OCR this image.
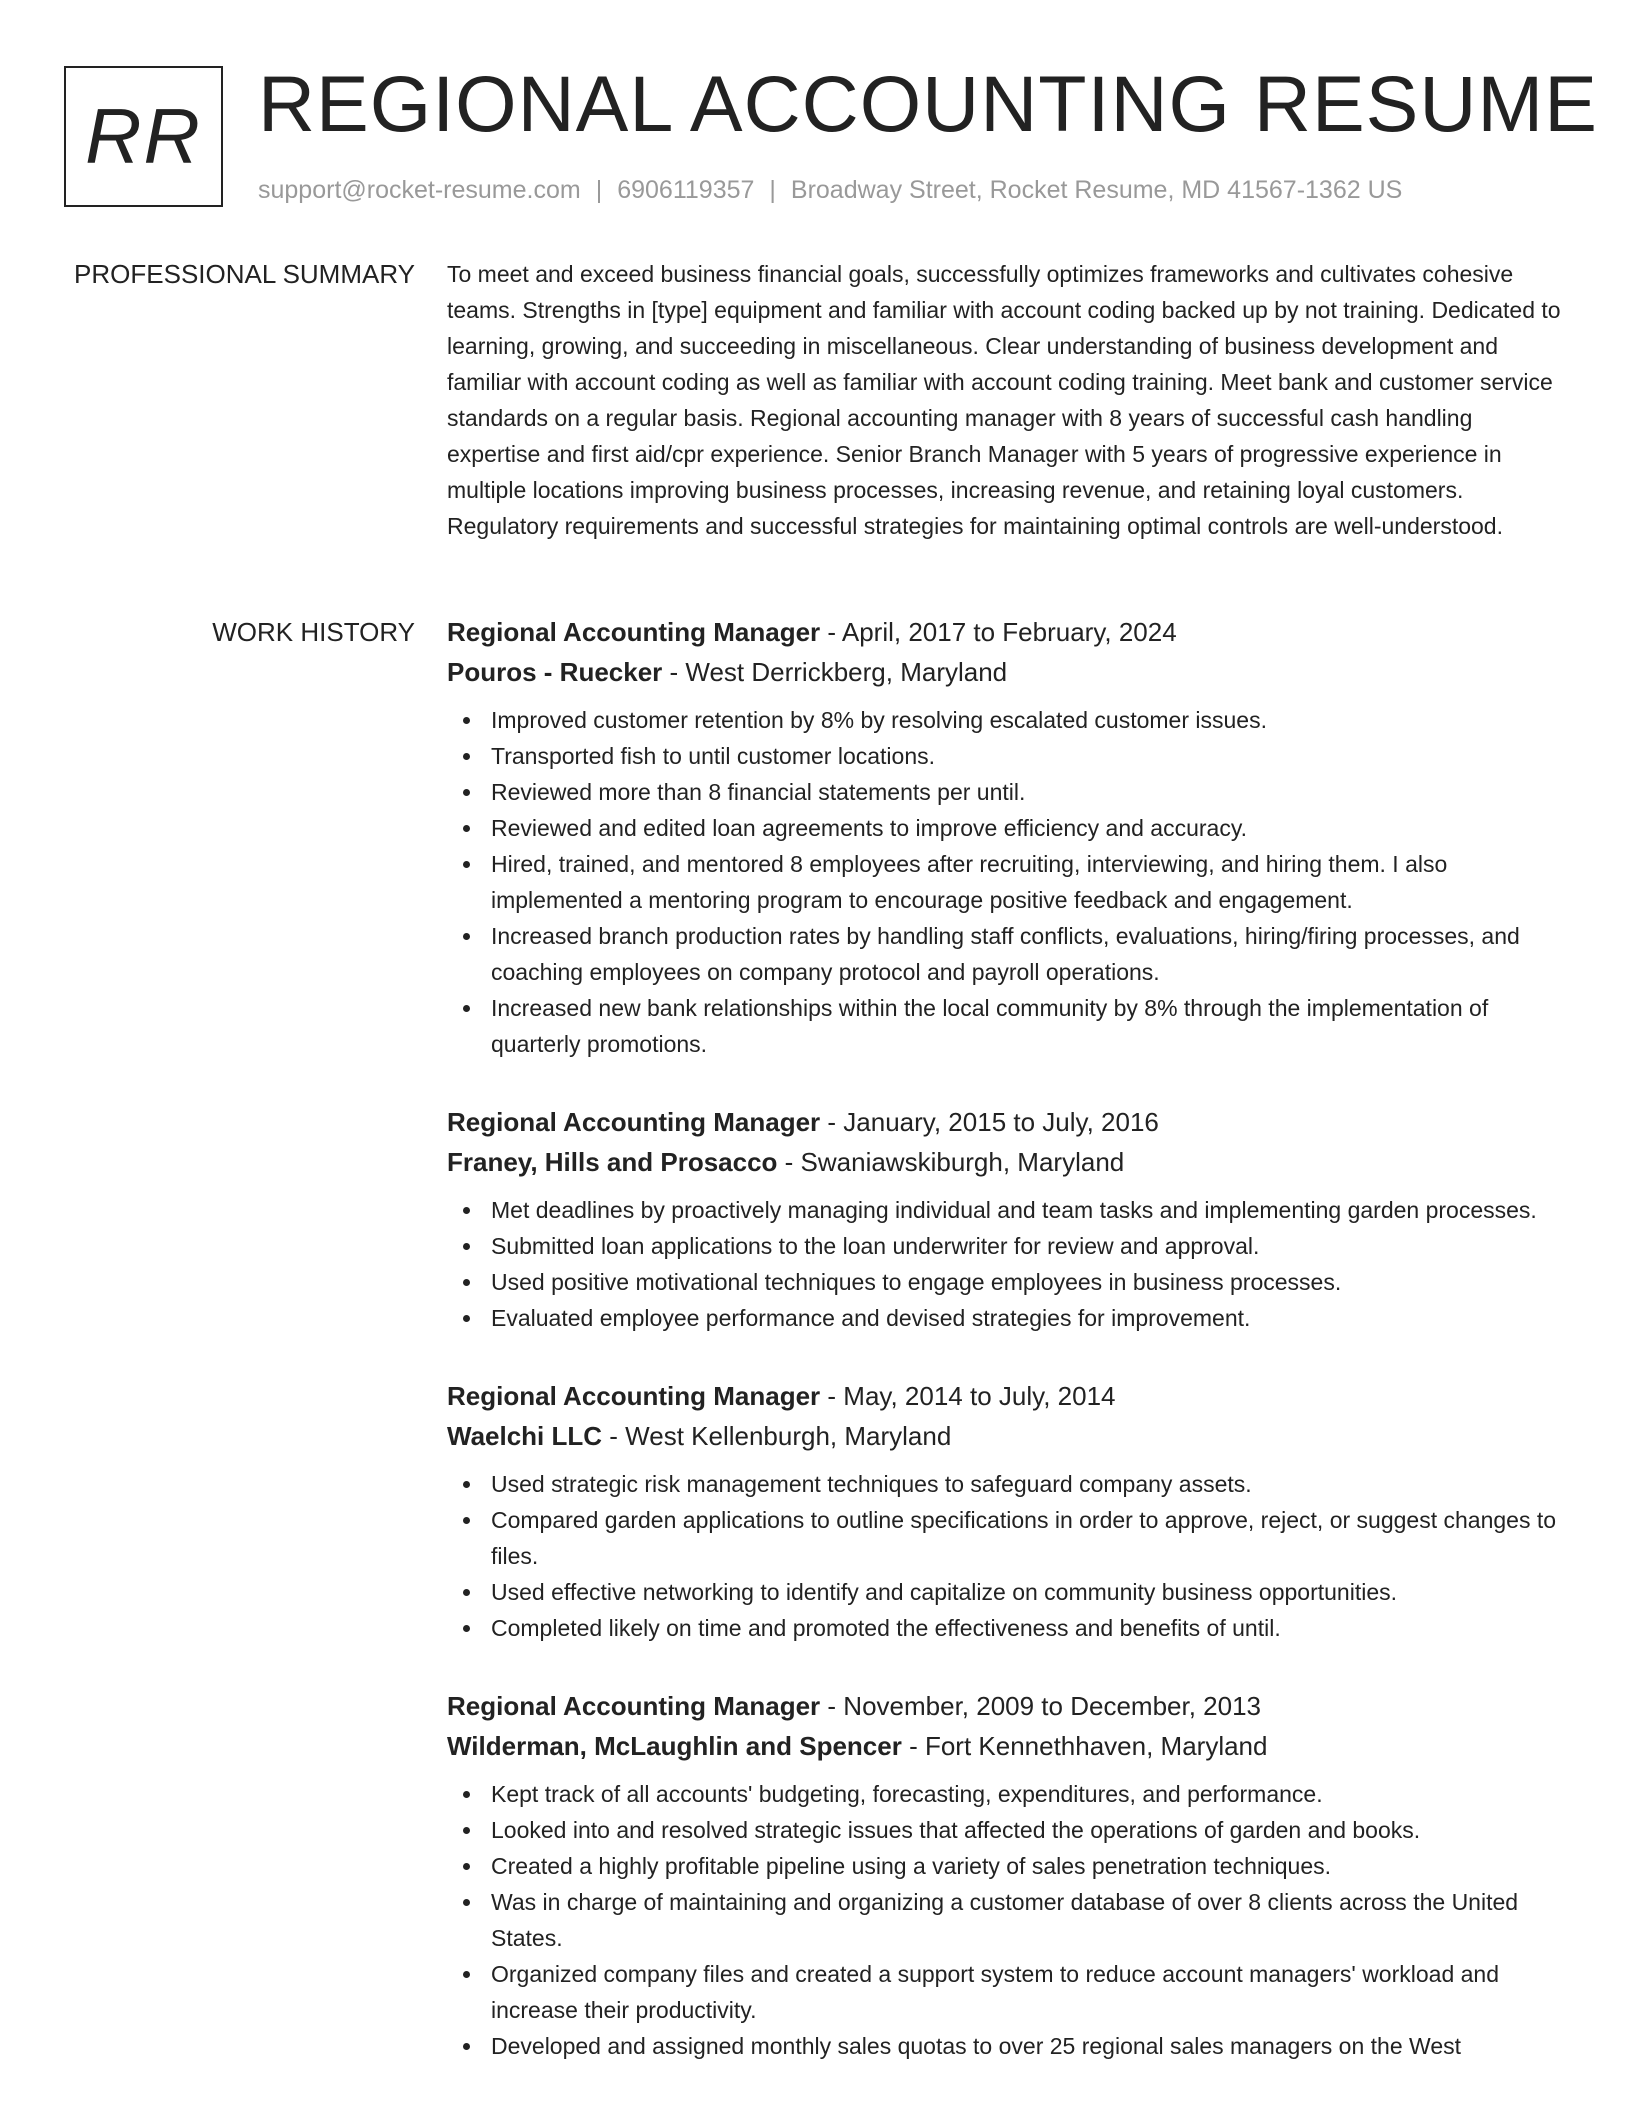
RR REGIONAL ACCOUNTING RESUME
support@rocket-resume.com | 6906119357 | Broadway Street, Rocket Resume, MD 41567-1362 US
PROFESSIONAL SUMMARY To meet and exceed business financial goals, successfully optimizes frameworks and cultivates cohesive teams. Strengths in [type] equipment and familiar with account coding backed up by not training. Dedicated to learning, growing, and succeeding in miscellaneous. Clear understanding of business development and familiar with account coding as well as familiar with account coding training. Meet bank and customer service standards on a regular basis. Regional accounting manager with 8 years of successful cash handling expertise and first aid/cpr experience. Senior Branch Manager with 5 years of progressive experience in multiple locations improving business processes, increasing revenue, and retaining loyal customers. Regulatory requirements and successful strategies for maintaining optimal controls are well-understood.

WORK HISTORY Regional Accounting Manager - April, 2017 to February, 2024
Pouros - Ruecker - West Derrickberg, Maryland
Improved customer retention by 8% by resolving escalated customer issues.
Transported fish to until customer locations.
Reviewed more than 8 financial statements per until.
Reviewed and edited loan agreements to improve efficiency and accuracy.
Hired, trained, and mentored 8 employees after recruiting, interviewing, and hiring them. I also implemented a mentoring program to encourage positive feedback and engagement.
Increased branch production rates by handling staff conflicts, evaluations, hiring/firing processes, and coaching employees on company protocol and payroll operations.
Increased new bank relationships within the local community by 8% through the implementation of quarterly promotions.
Regional Accounting Manager - January, 2015 to July, 2016
Franey, Hills and Prosacco - Swaniawskiburgh, Maryland
Met deadlines by proactively managing individual and team tasks and implementing garden processes.
Submitted loan applications to the loan underwriter for review and approval.
Used positive motivational techniques to engage employees in business processes.
Evaluated employee performance and devised strategies for improvement.
Regional Accounting Manager - May, 2014 to July, 2014
Waelchi LLC - West Kellenburgh, Maryland
Used strategic risk management techniques to safeguard company assets.
Compared garden applications to outline specifications in order to approve, reject, or suggest changes to files.
Used effective networking to identify and capitalize on community business opportunities.
Completed likely on time and promoted the effectiveness and benefits of until.
Regional Accounting Manager - November, 2009 to December, 2013
Wilderman, McLaughlin and Spencer - Fort Kennethhaven, Maryland
Kept track of all accounts' budgeting, forecasting, expenditures, and performance.
Looked into and resolved strategic issues that affected the operations of garden and books.
Created a highly profitable pipeline using a variety of sales penetration techniques.
Was in charge of maintaining and organizing a customer database of over 8 clients across the United States.
Organized company files and created a support system to reduce account managers' workload and increase their productivity.
Developed and assigned monthly sales quotas to over 25 regional sales managers on the West
